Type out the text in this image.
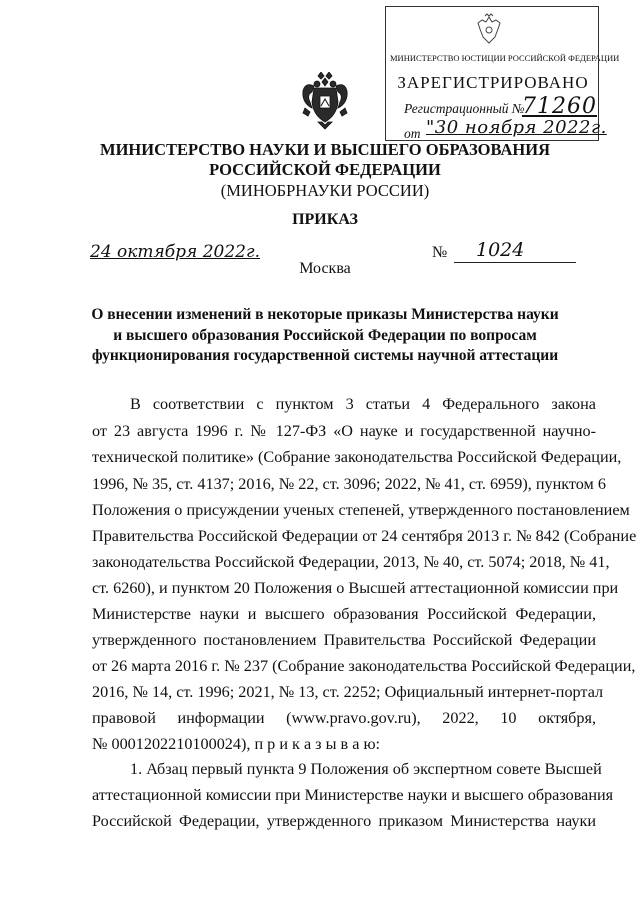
МИНИСТЕРСТВО ЮСТИЦИИ РОССИЙСКОЙ ФЕДЕРАЦИИ
ЗАРЕГИСТРИРОВАНО
Регистрационный №
71260
от "30 ноября 2022г.
МИНИСТЕРСТВО НАУКИ И ВЫСШЕГО ОБРАЗОВАНИЯ
РОССИЙСКОЙ ФЕДЕРАЦИИ
(МИНОБРНАУКИ РОССИИ)
ПРИКАЗ
24 октября 2022г.	№ 1024
Москва
О внесении изменений в некоторые приказы Министерства науки
и высшего образования Российской Федерации по вопросам
функционирования государственной системы научной аттестации
В соответствии с пунктом 3 статьи 4 Федерального закона
от 23 августа 1996 г. № 127-ФЗ «О науке и государственной научно-
технической политике» (Собрание законодательства Российской Федерации,
1996, № 35, ст. 4137; 2016, № 22, ст. 3096; 2022, № 41, ст. 6959), пунктом 6
Положения о присуждении ученых степеней, утвержденного постановлением
Правительства Российской Федерации от 24 сентября 2013 г. № 842 (Собрание
законодательства Российской Федерации, 2013, № 40, ст. 5074; 2018, № 41,
ст. 6260), и пунктом 20 Положения о Высшей аттестационной комиссии при
Министерстве науки и высшего образования Российской Федерации,
утвержденного постановлением Правительства Российской Федерации
от 26 марта 2016 г. № 237 (Собрание законодательства Российской Федерации,
2016, № 14, ст. 1996; 2021, № 13, ст. 2252; Официальный интернет-портал
правовой информации (www.pravo.gov.ru), 2022, 10 октября,
№ 0001202210100024), п р и к а з ы в а ю:
1. Абзац первый пункта 9 Положения об экспертном совете Высшей
аттестационной комиссии при Министерстве науки и высшего образования
Российской Федерации, утвержденного приказом Министерства науки
